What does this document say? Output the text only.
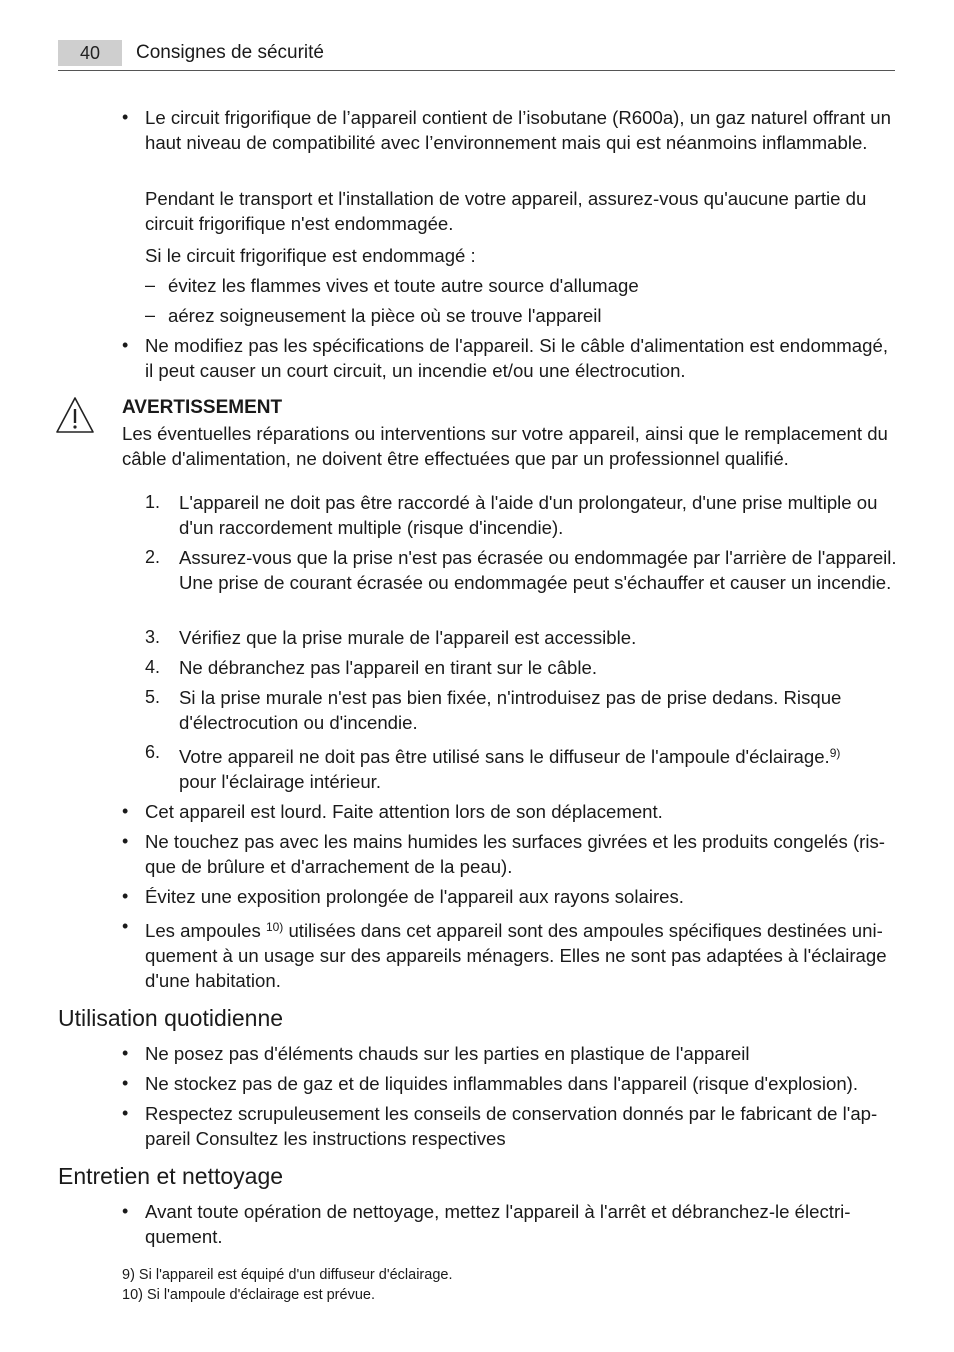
40	Consignes de sécurité
• Le circuit frigorifique de l’appareil contient de l’isobutane (R600a), un gaz naturel offrant un haut niveau de compatibilité avec l’environnement mais qui est néanmoins inflammable.

Pendant le transport et l'installation de votre appareil, assurez-vous qu'aucune partie du circuit frigorifique n'est endommagée.
Si le circuit frigorifique est endommagé :
– évitez les flammes vives et toute autre source d'allumage
– aérez soigneusement la pièce où se trouve l'appareil
• Ne modifiez pas les spécifications de l'appareil. Si le câble d'alimentation est endommagé, il peut causer un court circuit, un incendie et/ou une électrocution.
AVERTISSEMENT
Les éventuelles réparations ou interventions sur votre appareil, ainsi que le remplacement du câble d'alimentation, ne doivent être effectuées que par un professionnel qualifié.
1. L'appareil ne doit pas être raccordé à l'aide d'un prolongateur, d'une prise multiple ou d'un raccordement multiple (risque d'incendie).
2. Assurez-vous que la prise n'est pas écrasée ou endommagée par l'arrière de l'appareil. Une prise de courant écrasée ou endommagée peut s'échauffer et causer un incendie.
3. Vérifiez que la prise murale de l'appareil est accessible.
4. Ne débranchez pas l'appareil en tirant sur le câble.
5. Si la prise murale n'est pas bien fixée, n'introduisez pas de prise dedans. Risque d'électrocution ou d'incendie.
6. Votre appareil ne doit pas être utilisé sans le diffuseur de l'ampoule d'éclairage.$^{9)}$
pour l'éclairage intérieur.
• Cet appareil est lourd. Faite attention lors de son déplacement.
• Ne touchez pas avec les mains humides les surfaces givrées et les produits congelés (risque de brûlure et d'arrachement de la peau).
• Évitez une exposition prolongée de l'appareil aux rayons solaires.
• Les ampoules $^{10)}$ utilisées dans cet appareil sont des ampoules spécifiques destinées uniquement à un usage sur des appareils ménagers. Elles ne sont pas adaptées à l'éclairage d'une habitation.
Utilisation quotidienne
• Ne posez pas d'éléments chauds sur les parties en plastique de l'appareil
• Ne stockez pas de gaz et de liquides inflammables dans l'appareil (risque d'explosion).
• Respectez scrupuleusement les conseils de conservation donnés par le fabricant de l'appareil Consultez les instructions respectives
Entretien et nettoyage
• Avant toute opération de nettoyage, mettez l'appareil à l'arrêt et débranchez-le électriquement.
9) Si l'appareil est équipé d'un diffuseur d'éclairage.
10) Si l'ampoule d'éclairage est prévue.
